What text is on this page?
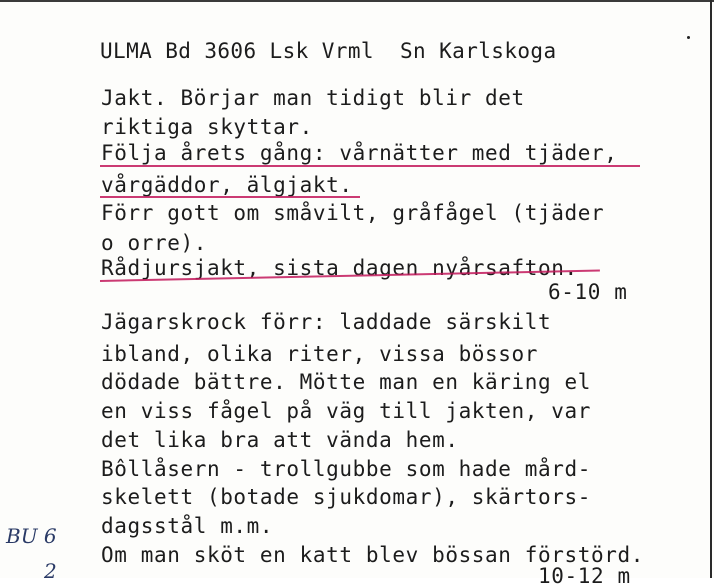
ULMA Bd 3606 Lsk Vrml  Sn Karlskoga
Jakt. Börjar man tidigt blir det
riktiga skyttar.
Följa årets gång: vårnätter med tjäder,
vårgäddor, älgjakt.
Förr gott om småvilt, gråfågel (tjäder
o orre).
Rådjursjakt, sista dagen nyårsafton.
6-10 m
Jägarskrock förr: laddade särskilt
ibland, olika riter, vissa bössor
dödade bättre. Mötte man en käring el
en viss fågel på väg till jakten, var
det lika bra att vända hem.
Bôllåsern - trollgubbe som hade mård-
skelett (botade sjukdomar), skärtors-
dagsstål m.m.
Om man sköt en katt blev bössan förstörd.
10-12 m
BU 6
2
